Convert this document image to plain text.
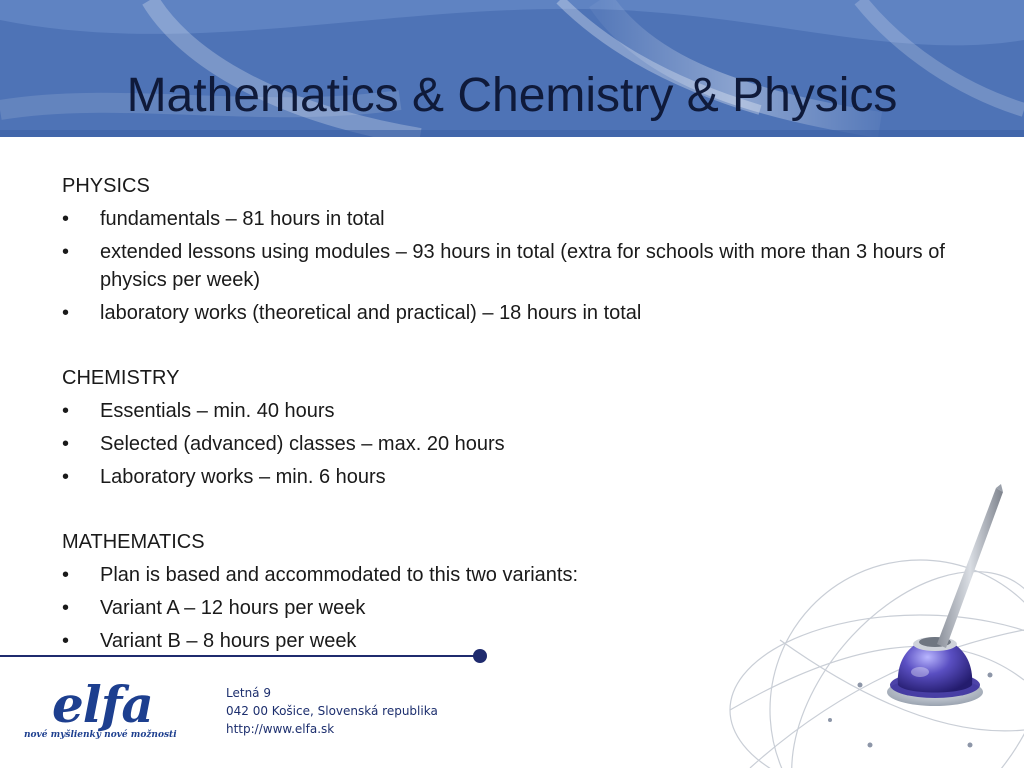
Mathematics & Chemistry & Physics
PHYSICS
• fundamentals – 81 hours in total
• extended lessons using modules – 93 hours in total (extra for schools with more than 3 hours of physics per week)
• laboratory works (theoretical and practical) – 18 hours in total
CHEMISTRY
• Essentials – min. 40 hours
• Selected (advanced) classes – max. 20 hours
• Laboratory works – min. 6 hours
MATHEMATICS
• Plan is based and accommodated to this two variants:
• Variant A – 12 hours per week
• Variant B – 8 hours per week
elfa
nové myšlienky nové možnosti
Letná 9
042 00 Košice, Slovenská republika
http://www.elfa.sk
